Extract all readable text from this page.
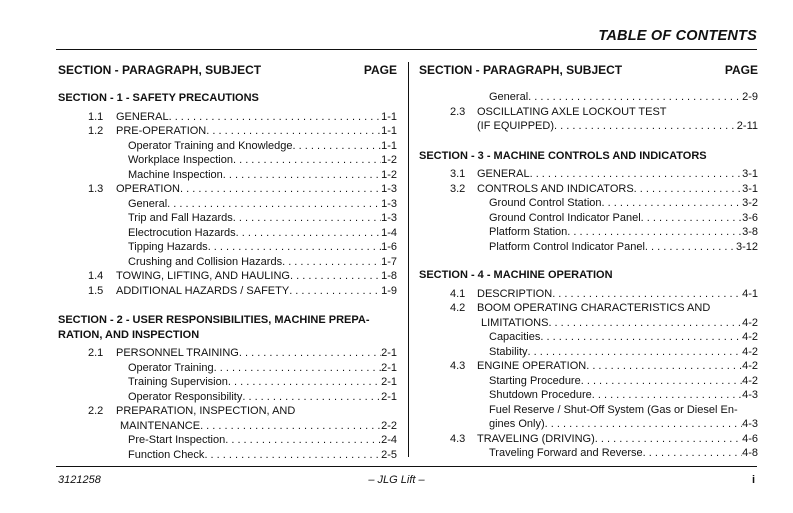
TABLE OF CONTENTS
SECTION - PARAGRAPH, SUBJECT	PAGE
SECTION - 1 - SAFETY PRECAUTIONS
1.1 GENERAL . . .	1-1
1.2 PRE-OPERATION . . .	1-1
Operator Training and Knowledge . . .	1-1
Workplace Inspection . . .	1-2
Machine Inspection . . .	1-2
1.3 OPERATION . . .	1-3
General . . .	1-3
Trip and Fall Hazards . . .	1-3
Electrocution Hazards . . .	1-4
Tipping Hazards . . .	1-6
Crushing and Collision Hazards . . .	1-7
1.4 TOWING, LIFTING, AND HAULING . . .	1-8
1.5 ADDITIONAL HAZARDS / SAFETY . . .	1-9
SECTION - 2 - USER RESPONSIBILITIES, MACHINE PREPA-
RATION, AND INSPECTION
2.1 PERSONNEL TRAINING . . .	2-1
Operator Training . . .	2-1
Training Supervision . . .	2-1
Operator Responsibility . . .	2-1
2.2 PREPARATION, INSPECTION, AND
MAINTENANCE . . .	2-2
Pre-Start Inspection . . .	2-4
Function Check . . .	2-5
SECTION - PARAGRAPH, SUBJECT	PAGE
General . . .	2-9
2.3 OSCILLATING AXLE LOCKOUT TEST
(IF EQUIPPED) . . .	2-11
SECTION - 3 - MACHINE CONTROLS AND INDICATORS
3.1 GENERAL . . .	3-1
3.2 CONTROLS AND INDICATORS . . .	3-1
Ground Control Station . . .	3-2
Ground Control Indicator Panel . . .	3-6
Platform Station . . .	3-8
Platform Control Indicator Panel . . .	3-12
SECTION - 4 - MACHINE OPERATION
4.1 DESCRIPTION . . .	4-1
4.2 BOOM OPERATING CHARACTERISTICS AND
LIMITATIONS . . .	4-2
Capacities . . .	4-2
Stability . . .	4-2
4.3 ENGINE OPERATION . . .	4-2
Starting Procedure . . .	4-2
Shutdown Procedure . . .	4-3
Fuel Reserve / Shut-Off System (Gas or Diesel En-
gines Only) . . .	4-3
4.3 TRAVELING (DRIVING) . . .	4-6
Traveling Forward and Reverse . . .	4-8
3121258	– JLG Lift –	i
